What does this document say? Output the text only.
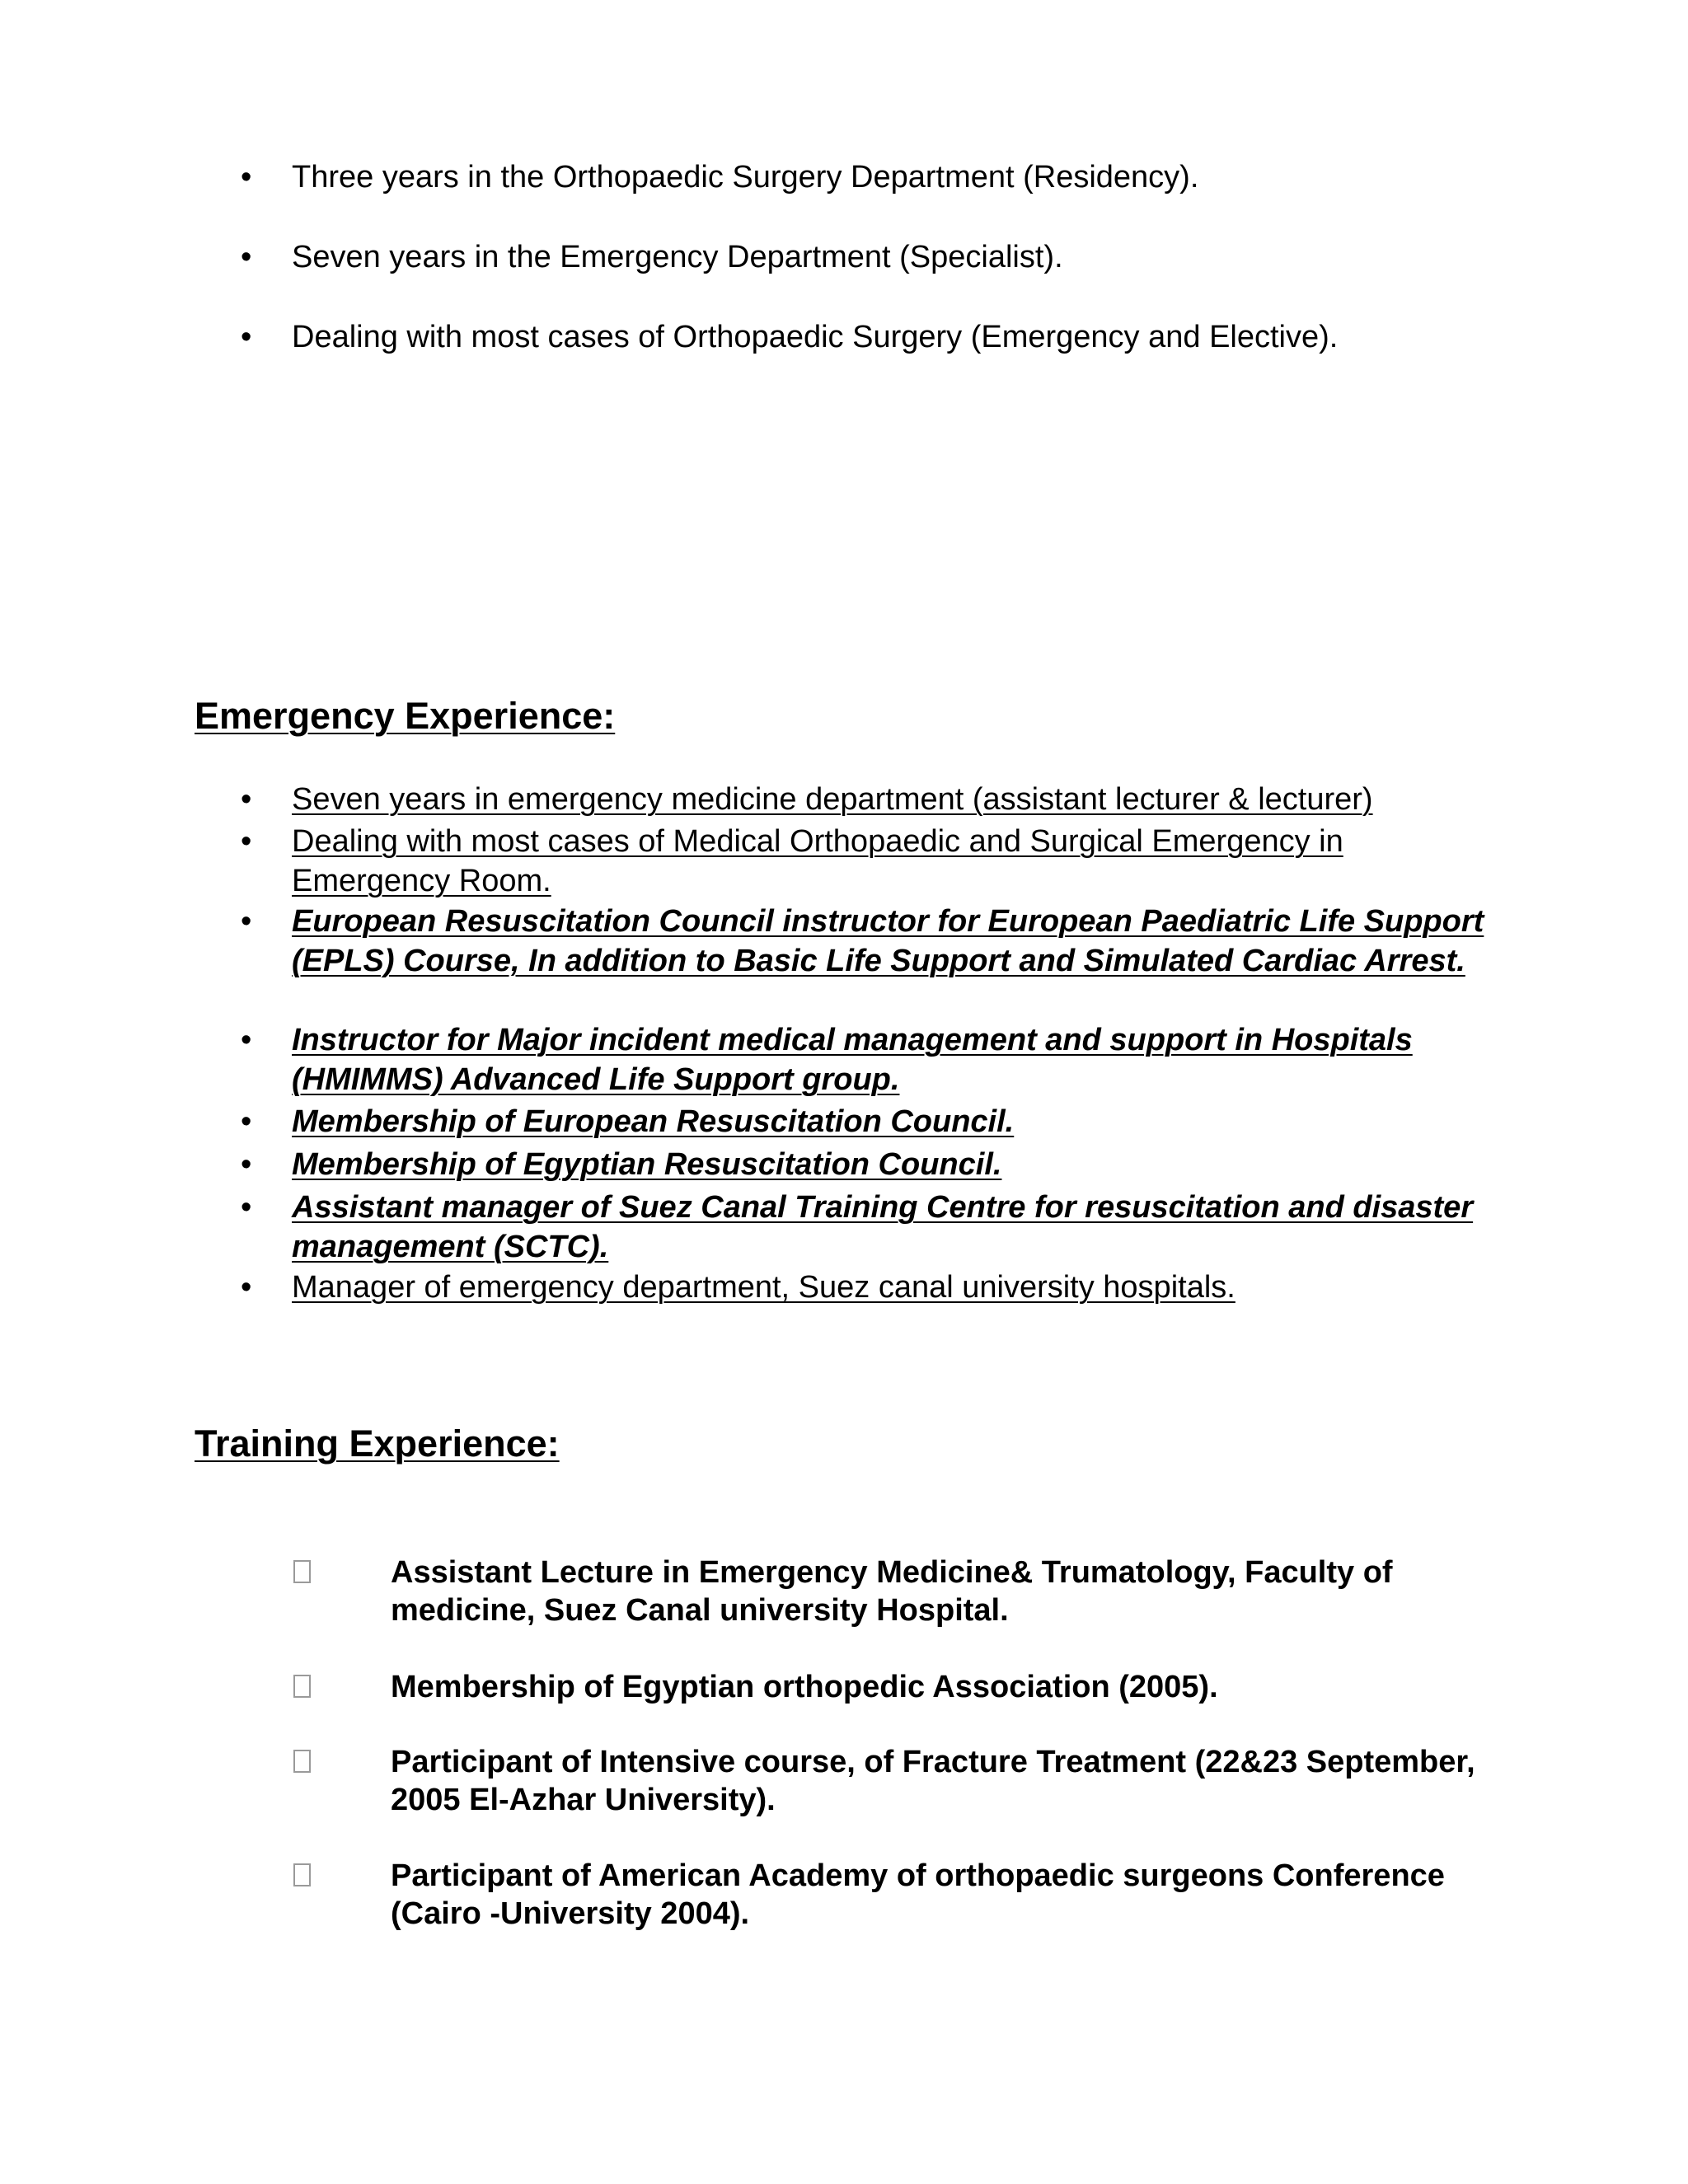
•	Three years in the Orthopaedic Surgery Department (Residency).
•	Seven years in the Emergency Department (Specialist).
•	Dealing with most cases of Orthopaedic Surgery (Emergency and Elective).
Emergency Experience:
• Seven years in emergency medicine department (assistant lecturer & lecturer)
• Dealing with most cases of Medical Orthopaedic and Surgical Emergency in Emergency Room.
• European Resuscitation Council instructor for European Paediatric Life Support (EPLS) Course, In addition to Basic Life Support and Simulated Cardiac Arrest.
• Instructor for Major incident medical management and support in Hospitals (HMIMMS) Advanced Life Support group.
• Membership of European Resuscitation Council.
• Membership of Egyptian Resuscitation Council.
• Assistant manager of Suez Canal Training Centre for resuscitation and disaster management (SCTC).
• Manager of emergency department, Suez canal university hospitals.
Training Experience:
Assistant Lecture in Emergency Medicine& Trumatology, Faculty of medicine, Suez Canal university Hospital.
Membership of Egyptian orthopedic Association (2005).
Participant of Intensive course, of Fracture Treatment (22&23 September, 2005 El-Azhar University).
Participant of American Academy of orthopaedic surgeons Conference (Cairo -University 2004).
